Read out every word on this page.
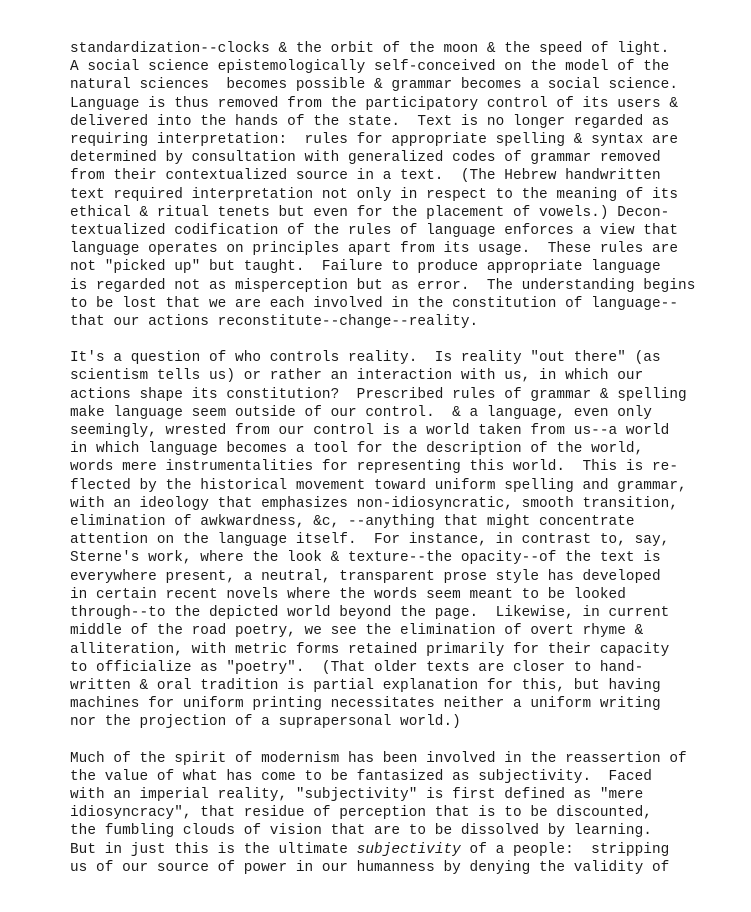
standardization--clocks & the orbit of the moon & the speed of light.
A social science epistemologically self-conceived on the model of the
natural sciences  becomes possible & grammar becomes a social science.
Language is thus removed from the participatory control of its users &
delivered into the hands of the state.  Text is no longer regarded as
requiring interpretation:  rules for appropriate spelling & syntax are
determined by consultation with generalized codes of grammar removed
from their contextualized source in a text.  (The Hebrew handwritten
text required interpretation not only in respect to the meaning of its
ethical & ritual tenets but even for the placement of vowels.) Decon-
textualized codification of the rules of language enforces a view that
language operates on principles apart from its usage.  These rules are
not "picked up" but taught.  Failure to produce appropriate language
is regarded not as misperception but as error.  The understanding begins
to be lost that we are each involved in the constitution of language--
that our actions reconstitute--change--reality.
It's a question of who controls reality.  Is reality "out there" (as
scientism tells us) or rather an interaction with us, in which our
actions shape its constitution?  Prescribed rules of grammar & spelling
make language seem outside of our control.  & a language, even only
seemingly, wrested from our control is a world taken from us--a world
in which language becomes a tool for the description of the world,
words mere instrumentalities for representing this world.  This is re-
flected by the historical movement toward uniform spelling and grammar,
with an ideology that emphasizes non-idiosyncratic, smooth transition,
elimination of awkwardness, &c, --anything that might concentrate
attention on the language itself.  For instance, in contrast to, say,
Sterne's work, where the look & texture--the opacity--of the text is
everywhere present, a neutral, transparent prose style has developed
in certain recent novels where the words seem meant to be looked
through--to the depicted world beyond the page.  Likewise, in current
middle of the road poetry, we see the elimination of overt rhyme &
alliteration, with metric forms retained primarily for their capacity
to officialize as "poetry".  (That older texts are closer to hand-
written & oral tradition is partial explanation for this, but having
machines for uniform printing necessitates neither a uniform writing
nor the projection of a suprapersonal world.)
Much of the spirit of modernism has been involved in the reassertion of
the value of what has come to be fantasized as subjectivity.  Faced
with an imperial reality, "subjectivity" is first defined as "mere
idiosyncracy", that residue of perception that is to be discounted,
the fumbling clouds of vision that are to be dissolved by learning.
But in just this is the ultimate subjectivity of a people:  stripping
us of our source of power in our humanness by denying the validity of
